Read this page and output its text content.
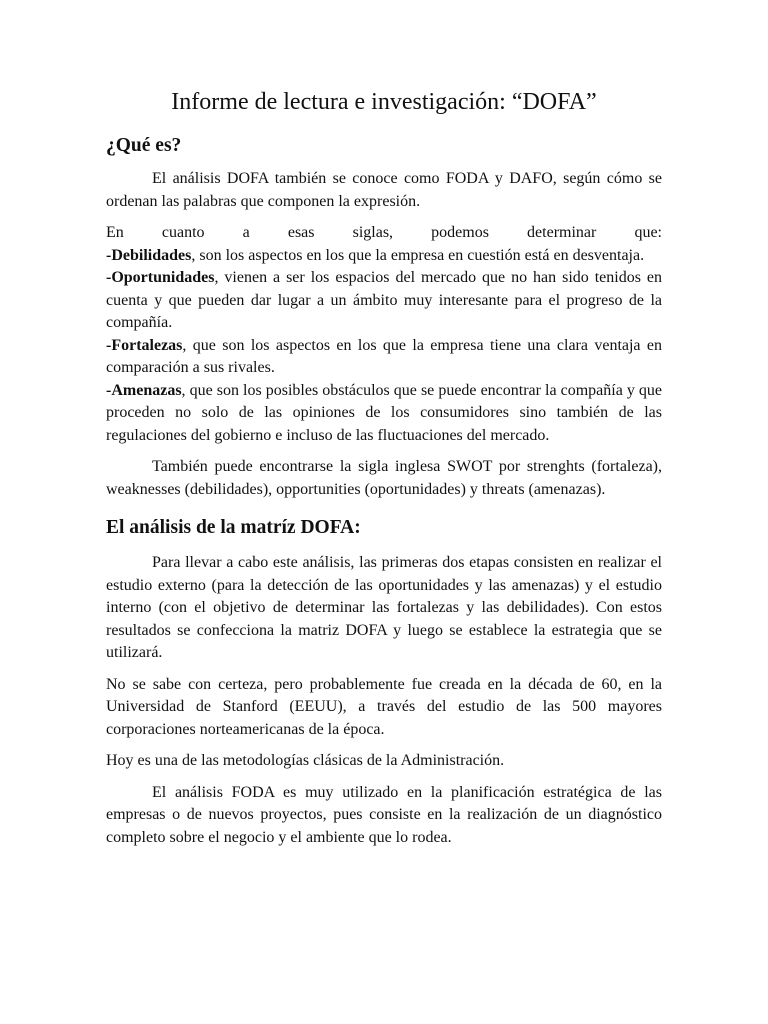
Informe de lectura e investigación: “DOFA”
¿Qué es?

El análisis DOFA también se conoce como FODA y DAFO, según cómo se ordenan las palabras que componen la expresión.

En cuanto a esas siglas, podemos determinar que:
-Debilidades, son los aspectos en los que la empresa en cuestión está en desventaja.
-Oportunidades, vienen a ser los espacios del mercado que no han sido tenidos en cuenta y que pueden dar lugar a un ámbito muy interesante para el progreso de la compañía.
-Fortalezas, que son los aspectos en los que la empresa tiene una clara ventaja en comparación a sus rivales.
-Amenazas, que son los posibles obstáculos que se puede encontrar la compañía y que proceden no solo de las opiniones de los consumidores sino también de las regulaciones del gobierno e incluso de las fluctuaciones del mercado.

También puede encontrarse la sigla inglesa SWOT por strenghts (fortaleza), weaknesses (debilidades), opportunities (oportunidades) y threats (amenazas).

El análisis de la matríz DOFA:

Para llevar a cabo este análisis, las primeras dos etapas consisten en realizar el estudio externo (para la detección de las oportunidades y las amenazas) y el estudio interno (con el objetivo de determinar las fortalezas y las debilidades). Con estos resultados se confecciona la matriz DOFA y luego se establece la estrategia que se utilizará.

No se sabe con certeza, pero probablemente fue creada en la década de 60, en la Universidad de Stanford (EEUU), a través del estudio de las 500 mayores corporaciones norteamericanas de la época.

Hoy es una de las metodologías clásicas de la Administración.

El análisis FODA es muy utilizado en la planificación estratégica de las empresas o de nuevos proyectos, pues consiste en la realización de un diagnóstico completo sobre el negocio y el ambiente que lo rodea.
